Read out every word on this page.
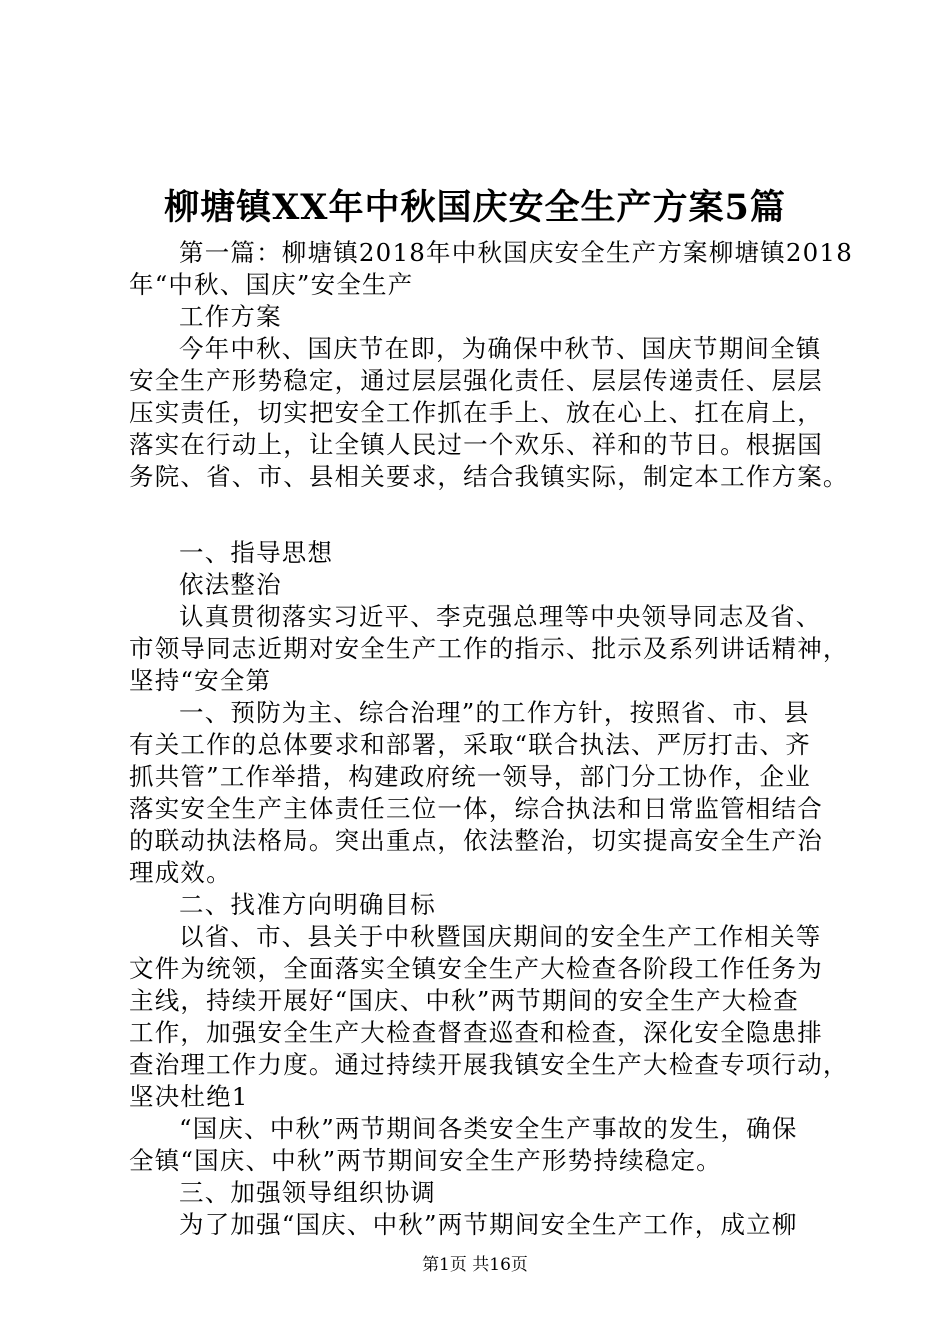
柳塘镇XX年中秋国庆安全生产方案5篇
第一篇：柳塘镇2018年中秋国庆安全生产方案柳塘镇2018
年“中秋、国庆”安全生产
工作方案
今年中秋、国庆节在即，为确保中秋节、国庆节期间全镇
安全生产形势稳定，通过层层强化责任、层层传递责任、层层
压实责任，切实把安全工作抓在手上、放在心上、扛在肩上，
落实在行动上，让全镇人民过一个欢乐、祥和的节日。根据国
务院、省、市、县相关要求，结合我镇实际，制定本工作方案。
一、指导思想
依法整治
认真贯彻落实习近平、李克强总理等中央领导同志及省、
市领导同志近期对安全生产工作的指示、批示及系列讲话精神，
坚持“安全第
一、预防为主、综合治理”的工作方针，按照省、市、县
有关工作的总体要求和部署，采取“联合执法、严厉打击、齐
抓共管”工作举措，构建政府统一领导，部门分工协作，企业
落实安全生产主体责任三位一体，综合执法和日常监管相结合
的联动执法格局。突出重点，依法整治，切实提高安全生产治
理成效。
二、找准方向明确目标
以省、市、县关于中秋暨国庆期间的安全生产工作相关等
文件为统领，全面落实全镇安全生产大检查各阶段工作任务为
主线，持续开展好“国庆、中秋”两节期间的安全生产大检查
工作，加强安全生产大检查督查巡查和检查，深化安全隐患排
查治理工作力度。通过持续开展我镇安全生产大检查专项行动，
坚决杜绝1
“国庆、中秋”两节期间各类安全生产事故的发生，确保
全镇“国庆、中秋”两节期间安全生产形势持续稳定。
三、加强领导组织协调
为了加强“国庆、中秋”两节期间安全生产工作，成立柳
第1页 共16页
